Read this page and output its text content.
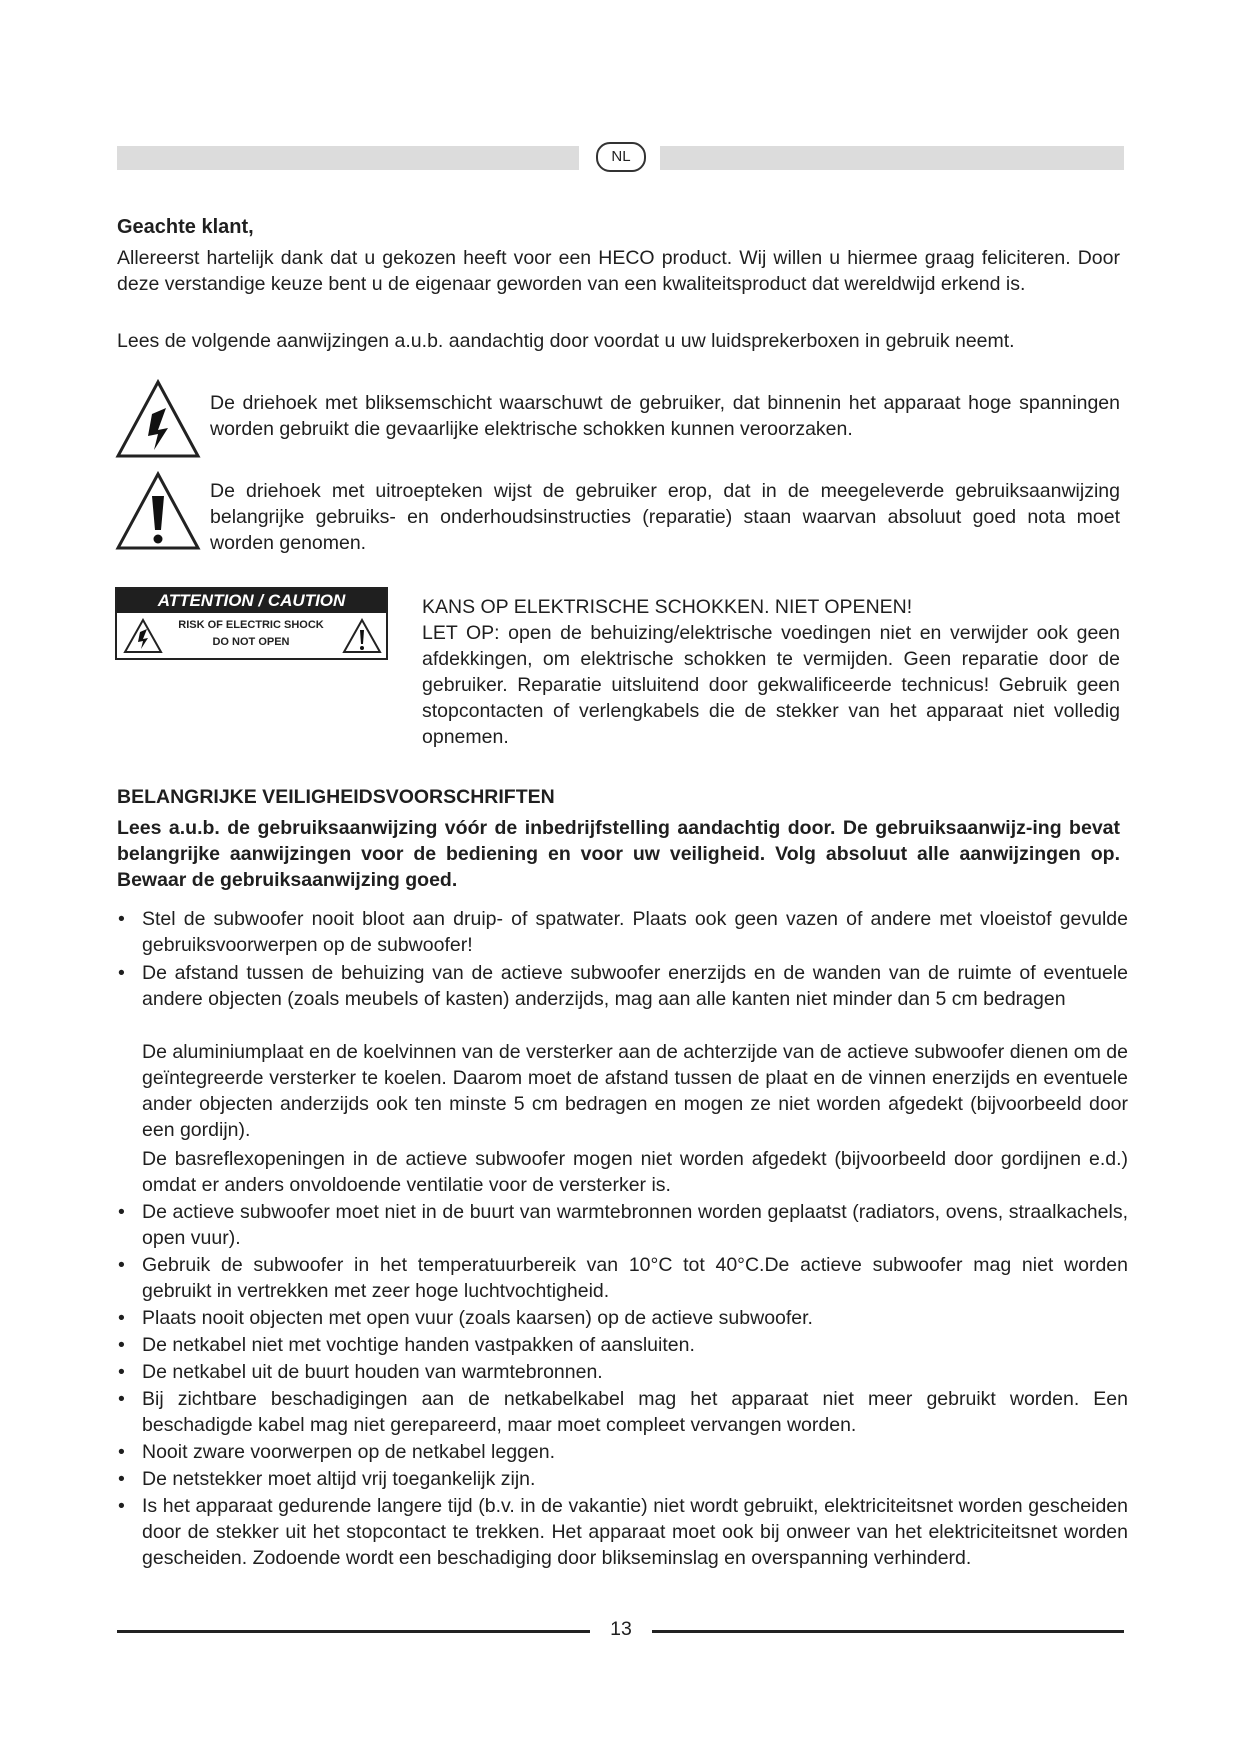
NL

Geachte klant,

Allereerst hartelijk dank dat u gekozen heeft voor een HECO product. Wij willen u hiermee graag feliciteren. Door deze verstandige keuze bent u de eigenaar geworden van een kwaliteitsproduct dat wereldwijd erkend is.

Lees de volgende aanwijzingen a.u.b. aandachtig door voordat u uw luidsprekerboxen in gebruik neemt.

De driehoek met bliksemschicht waarschuwt de gebruiker, dat binnenin het apparaat hoge spanningen worden gebruikt die gevaarlijke elektrische schokken kunnen veroorzaken.

De driehoek met uitroepteken wijst de gebruiker erop, dat in de meegeleverde gebruiksaanwijzing belangrijke gebruiks- en onderhoudsinstructies (reparatie) staan waarvan absoluut goed nota moet worden genomen.

ATTENTION / CAUTION
RISK OF ELECTRIC SHOCK
DO NOT OPEN

KANS OP ELEKTRISCHE SCHOKKEN. NIET OPENEN!

LET OP: open de behuizing/elektrische voedingen niet en verwijder ook geen afdekkingen, om elektrische schokken te vermijden. Geen reparatie door de gebruiker. Reparatie uitsluitend door gekwalificeerde technicus! Gebruik geen stopcontacten of verlengkabels die de stekker van het apparaat niet volledig opnemen.

BELANGRIJKE VEILIGHEIDSVOORSCHRIFTEN

Lees a.u.b. de gebruiksaanwijzing vóór de inbedrijfstelling aandachtig door. De gebruiksaanwijz-ing bevat belangrijke aanwijzingen voor de bediening en voor uw veiligheid. Volg absoluut alle aanwijzingen op. Bewaar de gebruiksaanwijzing goed.

• Stel de subwoofer nooit bloot aan druip- of spatwater. Plaats ook geen vazen of andere met vloeistof gevulde gebruiksvoorwerpen op de subwoofer!

• De afstand tussen de behuizing van de actieve subwoofer enerzijds en de wanden van de ruimte of eventuele andere objecten (zoals meubels of kasten) anderzijds, mag aan alle kanten niet minder dan 5 cm bedragen

De aluminiumplaat en de koelvinnen van de versterker aan de achterzijde van de actieve subwoofer dienen om de geïntegreerde versterker te koelen. Daarom moet de afstand tussen de plaat en de vinnen enerzijds en eventuele ander objecten anderzijds ook ten minste 5 cm bedragen en mogen ze niet worden afgedekt (bijvoorbeeld door een gordijn).

De basreflexopeningen in de actieve subwoofer mogen niet worden afgedekt (bijvoorbeeld door gordijnen e.d.) omdat er anders onvoldoende ventilatie voor de versterker is.

• De actieve subwoofer moet niet in de buurt van warmtebronnen worden geplaatst (radiators, ovens, straalkachels, open vuur).

• Gebruik de subwoofer in het temperatuurbereik van 10°C tot 40°C.De actieve subwoofer mag niet worden gebruikt in vertrekken met zeer hoge luchtvochtigheid.

• Plaats nooit objecten met open vuur (zoals kaarsen) op de actieve subwoofer.

• De netkabel niet met vochtige handen vastpakken of aansluiten.

• De netkabel uit de buurt houden van warmtebronnen.

• Bij zichtbare beschadigingen aan de netkabelkabel mag het apparaat niet meer gebruikt worden. Een beschadigde kabel mag niet gerepareerd, maar moet compleet vervangen worden.

• Nooit zware voorwerpen op de netkabel leggen.

• De netstekker moet altijd vrij toegankelijk zijn.

• Is het apparaat gedurende langere tijd (b.v. in de vakantie) niet wordt gebruikt, elektriciteitsnet worden gescheiden door de stekker uit het stopcontact te trekken. Het apparaat moet ook bij onweer van het elektriciteitsnet worden gescheiden. Zodoende wordt een beschadiging door blikseminslag en overspanning verhinderd.

13
